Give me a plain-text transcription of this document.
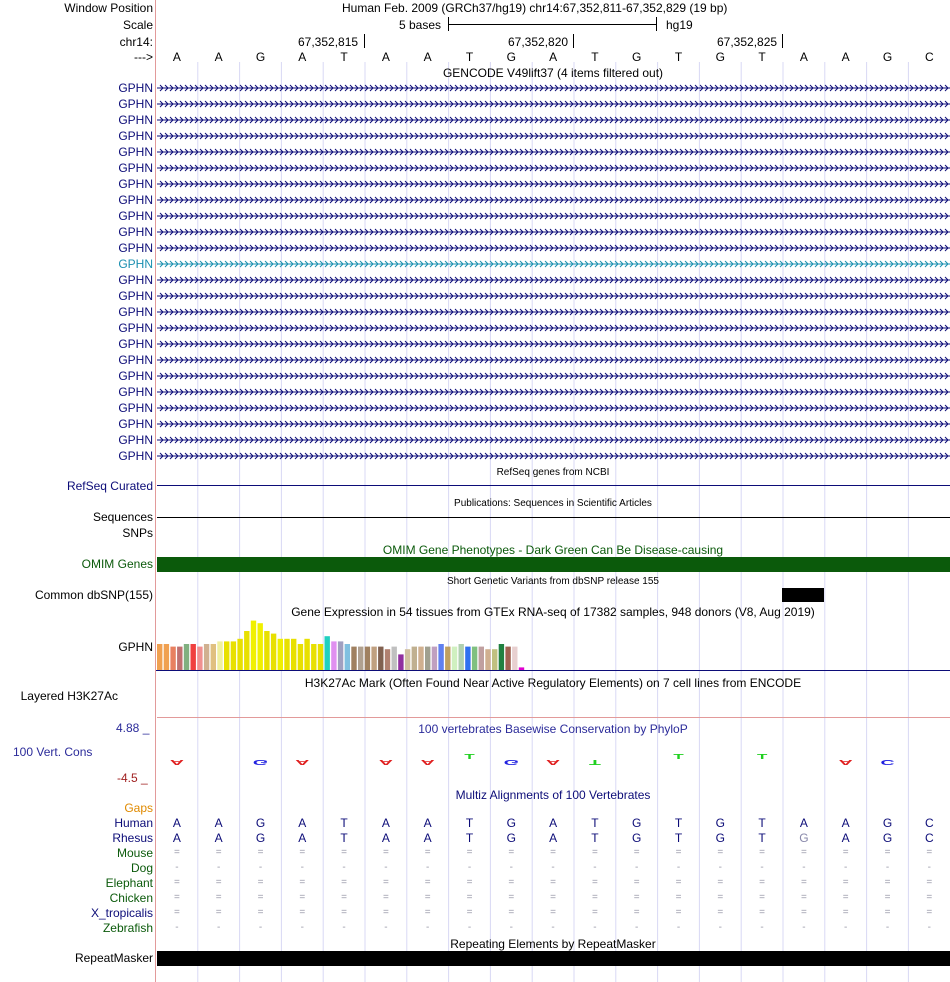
Window Position	Human Feb. 2009 (GRCh37/hg19) chr14:67,352,811-67,352,829 (19 bp)
Scale	5 bases	hg19
chr14:	67,352,815	67,352,820	67,352,825
--->
GENCODE V49lift37 (4 items filtered out)
GPHN
GPHN
GPHN
GPHN
GPHN
GPHN
GPHN
GPHN
GPHN
GPHN
GPHN
GPHN
GPHN
GPHN
GPHN
GPHN
GPHN
GPHN
GPHN
GPHN
GPHN
GPHN
GPHN
GPHN
RefSeq genes from NCBI
RefSeq Curated
Publications: Sequences in Scientific Articles
Sequences
SNPs
OMIM Gene Phenotypes - Dark Green Can Be Disease-causing
OMIM Genes
Short Genetic Variants from dbSNP release 155
Common dbSNP(155)
Gene Expression in 54 tissues from GTEx RNA-seq of 17382 samples, 948 donors (V8, Aug 2019)
GPHN
H3K27Ac Mark (Often Found Near Active Regulatory Elements) on 7 cell lines from ENCODE
Layered H3K27Ac
100 vertebrates Basewise Conservation by PhyloP
4.88 _
100 Vert. Cons
-4.5 _
A	G A	A A
T
G A T
T	T
A C
Multiz Alignments of 100 Vertebrates
Gaps
Human A	A	G	A	T	A	A	T	G	A	T	G	T	G	T	A	A	G	C
Rhesus A	A	G	A	T	A	A	T	G	A	T	G	T	G	T	G	A	G	C
Mouse	=	=	=	=	=	=	=	=	=	=	=	=	=	=	=	=	=	=	=
Dog	-	-	-	-	-	-	-	-	-	-	-	-	-	-	-	-	-	-	-
Elephant	=	=	=	=	=	=	=	=	=	=	=	=	=	=	=	=	=	=	=
Chicken	=	=	=	=	=	=	=	=	=	=	=	=	=	=	=	=	=	=	=
X_tropicalis	=	=	=	=	=	=	=	=	=	=	=	=	=	=	=	=	=	=	=
Zebrafish	-	-	-	-	-	-	-	-	-	-	-	-	-	-	-	-	-	-	-
Repeating Elements by RepeatMasker
RepeatMasker
A	A	G	A	T	A	A	T	G	A	T	G	T	G	T	A	A	G	C
